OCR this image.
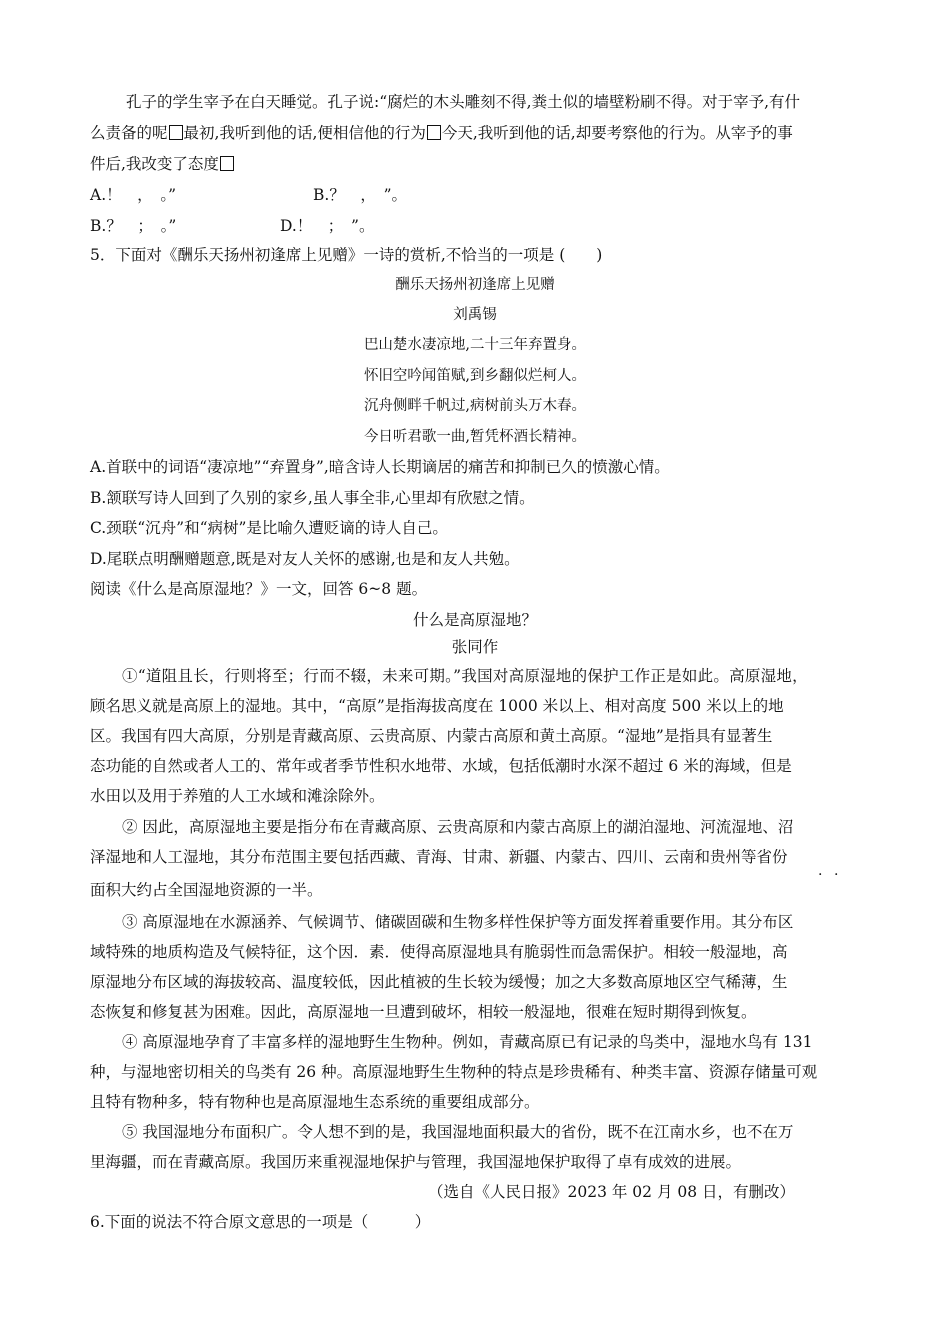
孔子的学生宰予在白天睡觉。孔子说:“腐烂的木头雕刻不得,粪土似的墙壁粉刷不得。对于宰予,有什
么责备的呢 最初,我听到他的话,便相信他的行为 今天,我听到他的话,却要考察他的行为。从宰予的事
件后,我改变了态度
A.！　，　。”	B.？　，　”。
B.？　；　。”	D.！　；　”。
5．下面对《酬乐天扬州初逢席上见赠》一诗的赏析,不恰当的一项是 (　　)
酬乐天扬州初逢席上见赠
刘禹锡
巴山楚水凄凉地,二十三年弃置身。
怀旧空吟闻笛赋,到乡翻似烂柯人。
沉舟侧畔千帆过,病树前头万木春。
今日听君歌一曲,暂凭杯酒长精神。
A.首联中的词语“凄凉地”“弃置身”,暗含诗人长期谪居的痛苦和抑制已久的愤激心情。
B.颔联写诗人回到了久别的家乡,虽人事全非,心里却有欣慰之情。
C.颈联“沉舟”和“病树”是比喻久遭贬谪的诗人自己。
D.尾联点明酬赠题意,既是对友人关怀的感谢,也是和友人共勉。
阅读《什么是高原湿地？》一文，回答 6~8 题。
什么是高原湿地？
张同作
①“道阻且长，行则将至；行而不辍，未来可期。”我国对高原湿地的保护工作正是如此。高原湿地，
顾名思义就是高原上的湿地。其中，“高原”是指海拔高度在 1000 米以上、相对高度 500 米以上的地
区。我国有四大高原，分别是青藏高原、云贵高原、内蒙古高原和黄土高原。“湿地”是指具有显著生
态功能的自然或者人工的、常年或者季节性积水地带、水域，包括低潮时水深不超过 6 米的海域，但是
水田以及用于养殖的人工水域和滩涂除外。
② 因此，高原湿地主要是指分布在青藏高原、云贵高原和内蒙古高原上的湖泊湿地、河流湿地、沼
泽湿地和人工湿地，其分布范围主要包括西藏、青海、甘肃、新疆、内蒙古、四川、云南和贵州等省份
. .
面积大约占全国湿地资源的一半。
③ 高原湿地在水源涵养、气候调节、储碳固碳和生物多样性保护等方面发挥着重要作用。其分布区
域特殊的地质构造及气候特征，这个因．素．使得高原湿地具有脆弱性而急需保护。相较一般湿地，高
原湿地分布区域的海拔较高、温度较低，因此植被的生长较为缓慢；加之大多数高原地区空气稀薄，生
态恢复和修复甚为困难。因此，高原湿地一旦遭到破坏，相较一般湿地，很难在短时期得到恢复。
④ 高原湿地孕育了丰富多样的湿地野生生物种。例如，青藏高原已有记录的鸟类中，湿地水鸟有 131
种，与湿地密切相关的鸟类有 26 种。高原湿地野生生物种的特点是珍贵稀有、种类丰富、资源存储量可观
且特有物种多，特有物种也是高原湿地生态系统的重要组成部分。
⑤ 我国湿地分布面积广。令人想不到的是，我国湿地面积最大的省份，既不在江南水乡，也不在万
里海疆，而在青藏高原。我国历来重视湿地保护与管理，我国湿地保护取得了卓有成效的进展。
（选自《人民日报》2023 年 02 月 08 日，有删改）
6.下面的说法不符合原文意思的一项是（　　　）
